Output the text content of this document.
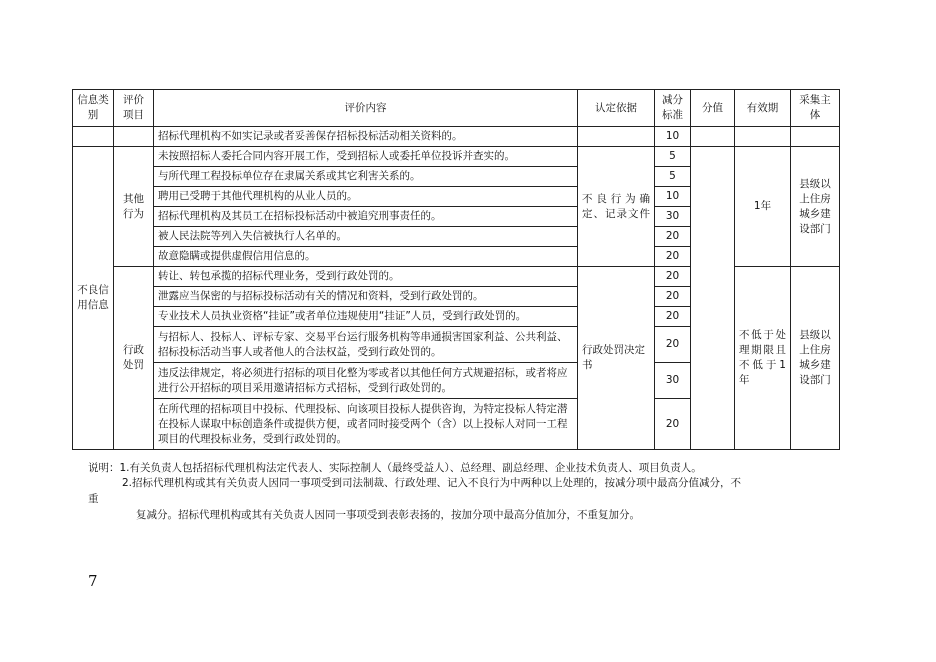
信息类别	评价项目	评价内容	认定依据	减分标准	分值	有效期	采集主体
		招标代理机构不如实记录或者妥善保存招标投标活动相关资料的。		10			
不良信用信息	其他行为	未按照招标人委托合同内容开展工作，受到招标人或委托单位投诉并查实的。	不良行为确定、记录文件	5		1年	县级以上住房城乡建设部门
		与所代理工程投标单位存在隶属关系或其它利害关系的。		5			
		聘用已受聘于其他代理机构的从业人员的。		10			
		招标代理机构及其员工在招标投标活动中被追究刑事责任的。		30			
		被人民法院等列入失信被执行人名单的。		20			
		故意隐瞒或提供虚假信用信息的。		20			
	行政处罚	转让、转包承揽的招标代理业务，受到行政处罚的。	行政处罚决定书	20		不低于处理期限且不低于1年	县级以上住房城乡建设部门
		泄露应当保密的与招标投标活动有关的情况和资料，受到行政处罚的。		20			
		专业技术人员执业资格“挂证”或者单位违规使用“挂证”人员，受到行政处罚的。		20			
		与招标人、投标人、评标专家、交易平台运行服务机构等串通损害国家利益、公共利益、招标投标活动当事人或者他人的合法权益，受到行政处罚的。		20			
		违反法律规定，将必须进行招标的项目化整为零或者以其他任何方式规避招标，或者将应进行公开招标的项目采用邀请招标方式招标，受到行政处罚的。		30			
		在所代理的招标项目中投标、代理投标、向该项目投标人提供咨询，为特定投标人特定潜在投标人谋取中标创造条件或提供方便，或者同时接受两个（含）以上投标人对同一工程项目的代理投标业务，受到行政处罚的。		20			
说明：1.有关负责人包括招标代理机构法定代表人、实际控制人（最终受益人）、总经理、副总经理、企业技术负责人、项目负责人。
2.招标代理机构或其有关负责人因同一事项受到司法制裁、行政处理、记入不良行为中两种以上处理的，按减分项中最高分值减分，不
重
复减分。招标代理机构或其有关负责人因同一事项受到表彰表扬的，按加分项中最高分值加分，不重复加分。
7
